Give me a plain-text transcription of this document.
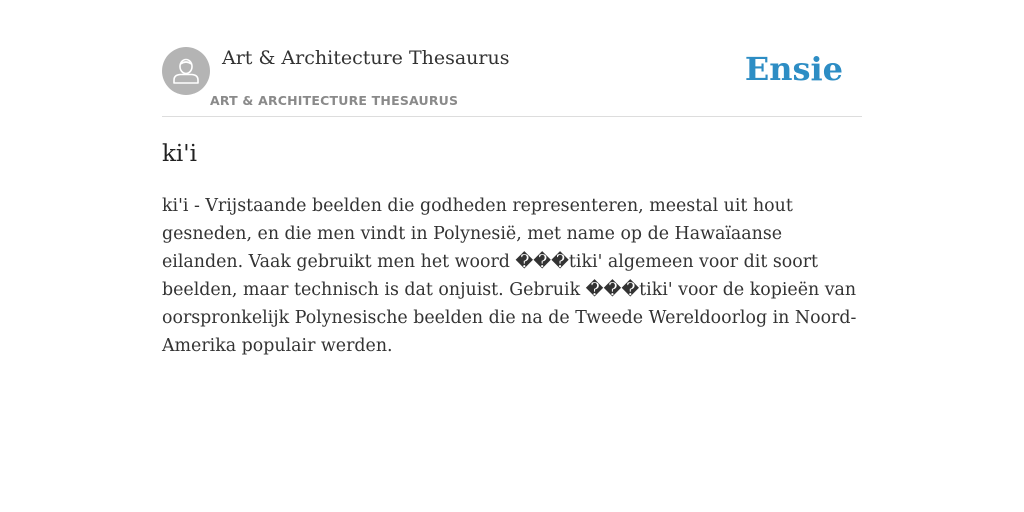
Art & Architecture Thesaurus
ART & ARCHITECTURE THESAURUS
Ensie
ki'i

ki'i - Vrijstaande beelden die godheden representeren, meestal uit hout gesneden, en die men vindt in Polynesië, met name op de Hawaïaanse eilanden. Vaak gebruikt men het woord ���tiki' algemeen voor dit soort beelden, maar technisch is dat onjuist. Gebruik ���tiki' voor de kopieën van oorspronkelijk Polynesische beelden die na de Tweede Wereldoorlog in Noord-Amerika populair werden.
